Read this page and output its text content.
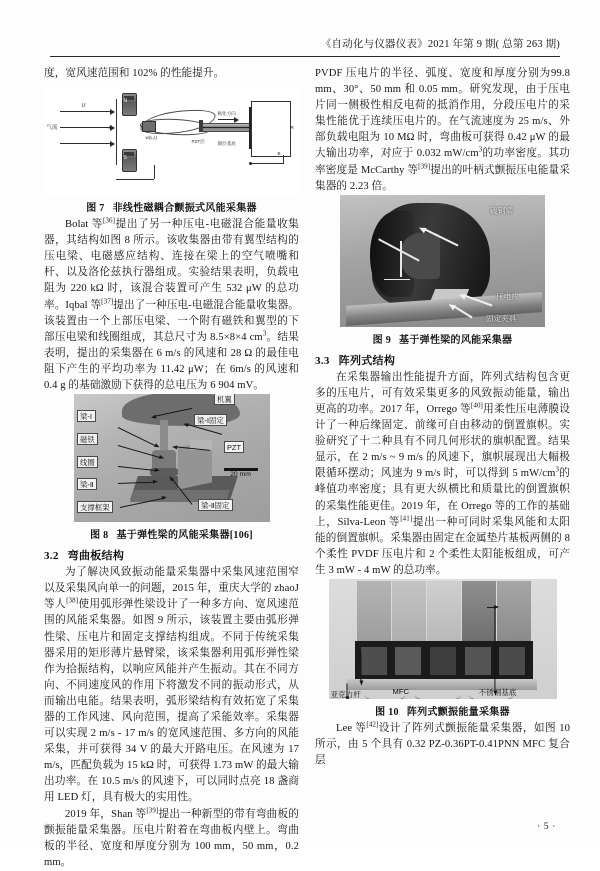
《自动化与仪器仪表》2021 年第 9 期( 总第 263 期)

度，宽风速范围和 102% 的性能提升。

U
气流	d
w(L,t)
PZT层	铜层基底
极化方向
R
B
N
S
图 7 非线性磁耦合颤振式风能采集器

Bolat 等[36]提出了另一种压电-电磁混合能量收集器，其结构如图 8 所示。该收集器由带有翼型结构的压电梁、电磁感应结构、连接在梁上的空气喷嘴和杆、以及洛伦兹执行器组成。实验结果表明，负载电阻为 220 kΩ 时，该混合装置可产生 532 μW 的总功率。Iqbal 等[37]提出了一种压电-电磁混合能量收集器。该装置由一个上部压电梁、一个附有磁铁和翼型的下部压电梁和线圈组成，其总尺寸为 8.5×8×4 $cm^3$。结果表明，提出的采集器在 6 m/s 的风速和 28 Ω 的最佳电阻下产生的平均功率为 11.42 μW；在 6m/s 的风速和 0.4 g 的基础激励下获得的总电压为 6 904 mV。

梁-Ⅰ
磁铁
线圈
梁-Ⅱ
支撑框架
机翼
梁-Ⅰ固定
PZT
梁-Ⅱ固定
20 mm
图 8 基于弹性梁的风能采集器[106]
3.2 弯曲板结构

为了解决风致振动能量采集器中采集风速范围窄以及采集风向单一的问题，2015 年，重庆大学的 zhaoJ 等人[38]使用弧形弹性梁设计了一种多方向、宽风速范围的风能采集器。如图 9 所示，该装置主要由弧形弹性梁、压电片和固定支撑结构组成。不同于传统采集器采用的矩形薄片悬臂梁，该采集器利用弧形弹性梁作为拾振结构，以响应风能并产生振动。其在不同方向、不同速度风的作用下将激发不同的振动形式，从而输出电能。结果表明，弧形梁结构有效拓宽了采集器的工作风速、风向范围，提高了采能效率。采集器可以实现 2 m/s - 17 m/s 的宽风速范围、多方向的风能采集，并可获得 34 V 的最大开路电压。在风速为 17 m/s，匹配负载为 15 kΩ 时，可获得 1.73 mW 的最大输出功率。在 10.5 m/s 的风速下，可以同时点亮 18 盏商用 LED 灯，具有极大的实用性。

2019 年，Shan 等[39]提出一种新型的带有弯曲板的颤振能量采集器。压电片附着在弯曲板内壁上。弯曲板的半径、宽度和厚度分别为 100 mm，50 mm，0.2 mm。

PVDF 压电片的半径、弧度、宽度和厚度分别为99.8 mm、30°、50 mm 和 0.05 mm。研究发现，由于压电片同一侧极性相反电荷的抵消作用，分段压电片的采集性能优于连续压电片的。在气流速度为 25 m/s、外部负载电阻为 10 MΩ 时，弯曲板可获得 0.42 μW 的最大输出功率，对应于 0.032 $mW/cm^3$的功率密度。其功率密度是 McCarthy 等[39]提出的叶柄式颤振压电能量采集器的 2.23 倍。

镀铜梁
压电片
固定夹具
图 9 基于弹性梁的风能采集器
3.3 阵列式结构

在采集器输出性能提升方面，阵列式结构包含更多的压电片，可有效采集更多的风致振动能量，输出更高的功率。2017 年，Orrego 等[40]用柔性压电薄膜设计了一种后缘固定、前缘可自由移动的倒置旗帜。实验研究了十二种具有不同几何形状的旗帜配置。结果显示，在 2 m/s ~ 9 m/s 的风速下，旗帜展现出大幅极限循环摆动；风速为 9 m/s 时，可以得到 5 $mW/cm^3$的峰值功率密度；具有更大纵横比和质量比的倒置旗帜的采集性能更佳。2019 年，在 Orrego 等的工作的基础上，Silva-Leon 等[41]提出一种可同时采集风能和太阳能的倒置旗帜。采集器由固定在金属垫片基板两侧的 8 个柔性 PVDF 压电片和 2 个柔性太阳能板组成，可产生 3 mW - 4 mW 的总功率。

MFC
亚克力杆	不锈钢基底
图 10 阵列式颤振能量采集器

Lee 等[42]设计了阵列式颤振能量采集器，如图 10 所示，由 5 个具有 0.32 PZ-0.36PT-0.41PNN MFC 复合层

· 5 ·
